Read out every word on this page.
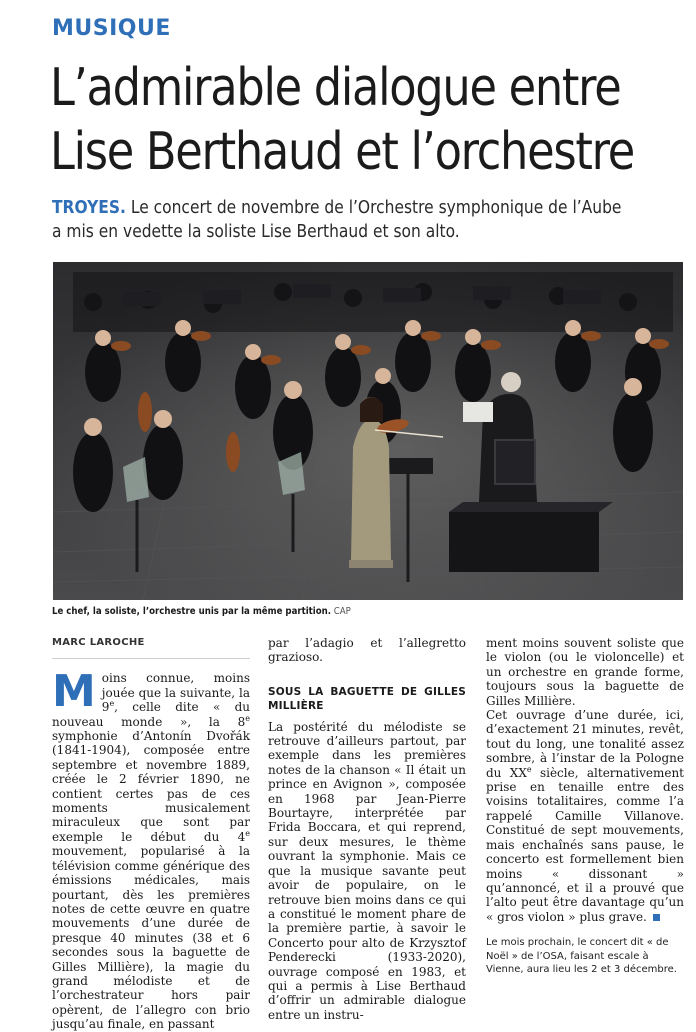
MUSIQUE
L’admirable dialogue entre
Lise Berthaud et l’orchestre
TROYES. Le concert de novembre de l’Orchestre symphonique de l’Aube
a mis en vedette la soliste Lise Berthaud et son alto.
Le chef, la soliste, l’orchestre unis par la même partition. CAP
MARC LAROCHE

Moins connue, moins jouée que la suivante, la 9e, celle dite « du nouveau monde », la 8e symphonie d’Antonín Dvořák (1841-1904), composée entre septembre et novembre 1889, créée le 2 février 1890, ne contient certes pas de ces moments musicalement miraculeux que sont par exemple le début du 4e mouvement, popularisé à la télévision comme générique des émissions médicales, mais pourtant, dès les premières notes de cette œuvre en quatre mouvements d’une durée de presque 40 minutes (38 et 6 secondes sous la baguette de Gilles Millière), la magie du grand mélodiste et de l’orchestrateur hors pair opèrent, de l’allegro con brio jusqu’au finale, en passant

par l’adagio et l’allegretto grazioso.

SOUS LA BAGUETTE DE GILLES MILLIÈRE

La postérité du mélodiste se retrouve d’ailleurs partout, par exemple dans les premières notes de la chanson « Il était un prince en Avignon », composée en 1968 par Jean-Pierre Bourtayre, interprétée par Frida Boccara, et qui reprend, sur deux mesures, le thème ouvrant la symphonie. Mais ce que la musique savante peut avoir de populaire, on le retrouve bien moins dans ce qui a constitué le moment phare de la première partie, à savoir le Concerto pour alto de Krzysztof Penderecki (1933-2020), ouvrage composé en 1983, et qui a permis à Lise Berthaud d’offrir un admirable dialogue entre un instru-

ment moins souvent soliste que le violon (ou le violoncelle) et un orchestre en grande forme, toujours sous la baguette de Gilles Millière.

Cet ouvrage d’une durée, ici, d’exactement 21 minutes, revêt, tout du long, une tonalité assez sombre, à l’instar de la Pologne du XXe siècle, alternativement prise en tenaille entre des voisins totalitaires, comme l’a rappelé Camille Villanove. Constitué de sept mouvements, mais enchaînés sans pause, le concerto est formellement bien moins « dissonant » qu’annoncé, et il a prouvé que l’alto peut être davantage qu’un « gros violon » plus grave.

Le mois prochain, le concert dit « de Noël » de l’OSA, faisant escale à Vienne, aura lieu les 2 et 3 décembre.
